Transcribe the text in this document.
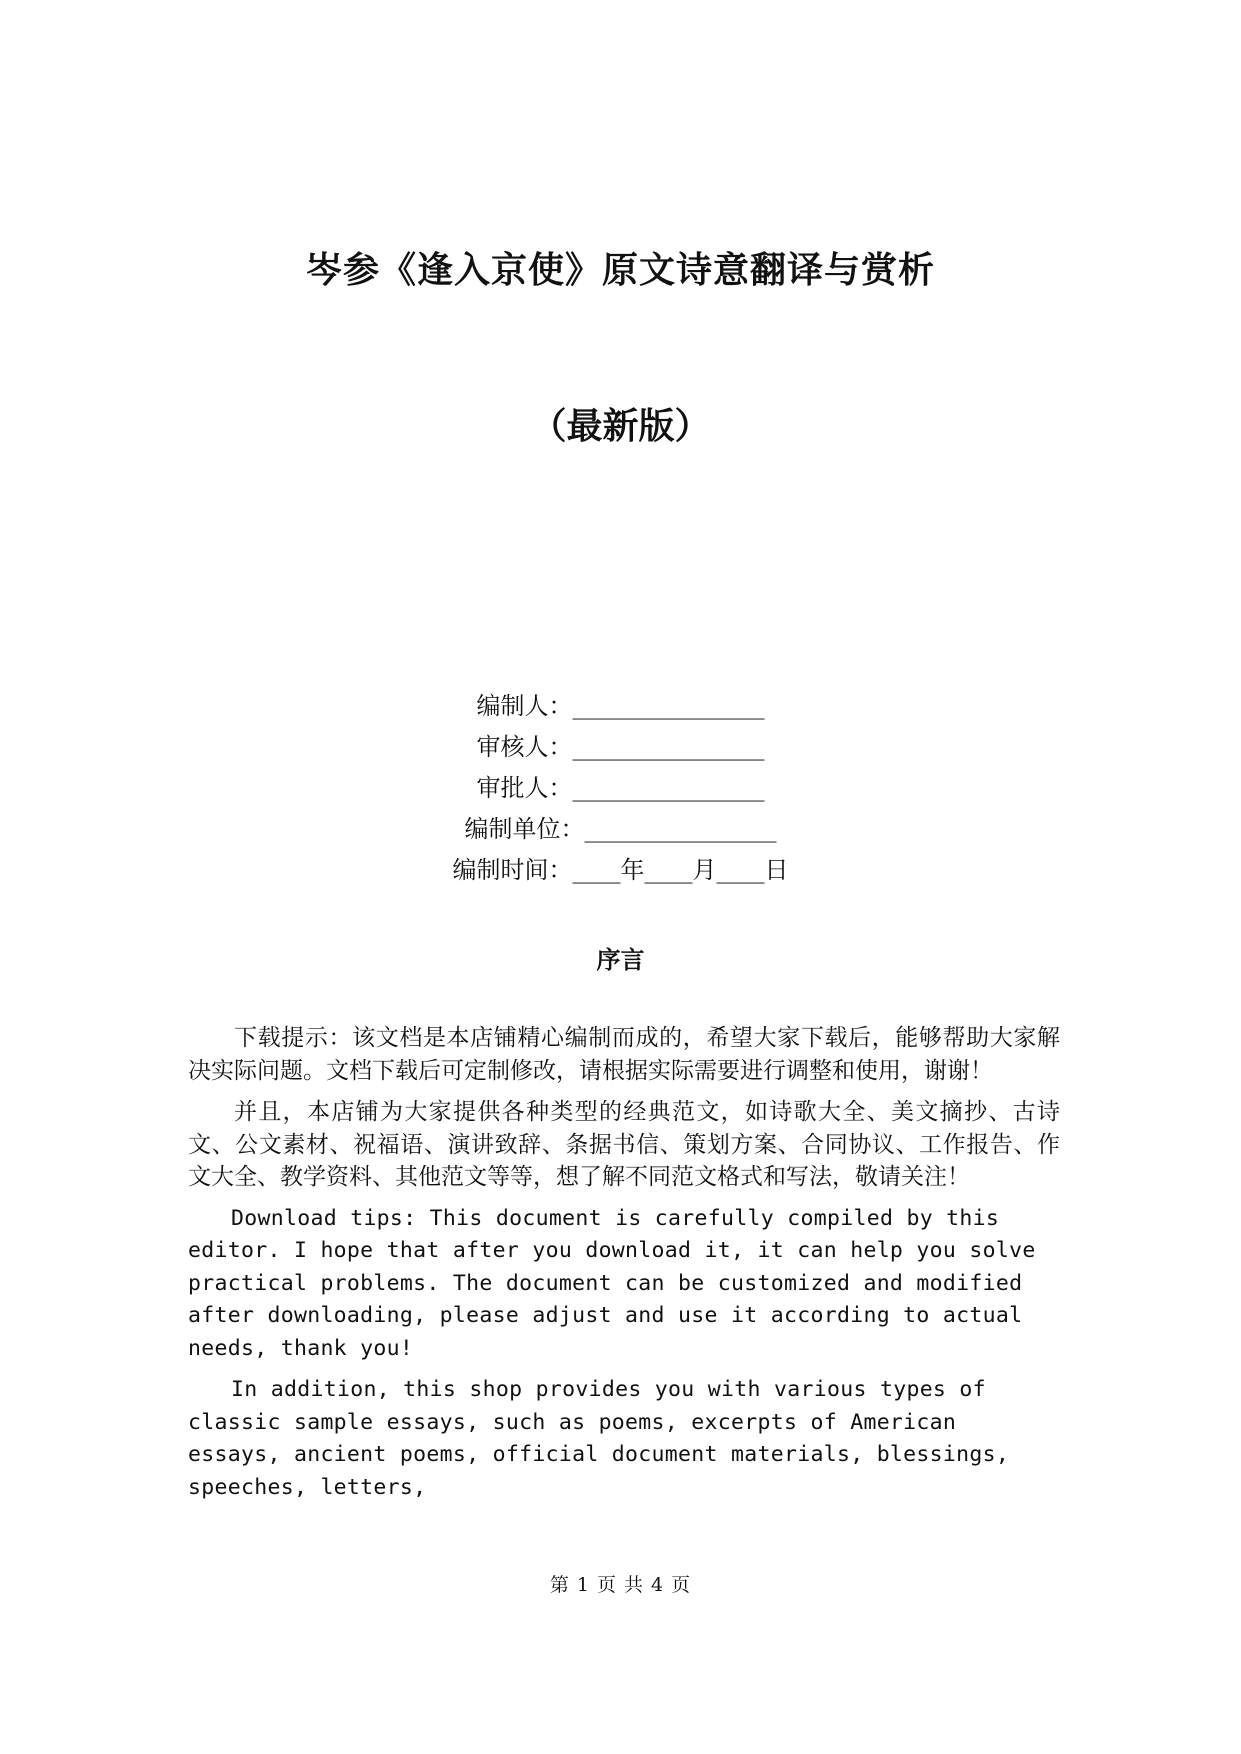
岑参《逢入京使》原文诗意翻译与赏析
（最新版）
编制人：________________
审核人：________________
审批人：________________
编制单位：________________
编制时间：____年____月____日
序言

下载提示：该文档是本店铺精心编制而成的，希望大家下载后，能够帮助大家解决实际问题。文档下载后可定制修改，请根据实际需要进行调整和使用，谢谢！

并且，本店铺为大家提供各种类型的经典范文，如诗歌大全、美文摘抄、古诗文、公文素材、祝福语、演讲致辞、条据书信、策划方案、合同协议、工作报告、作文大全、教学资料、其他范文等等，想了解不同范文格式和写法，敬请关注！

Download tips: This document is carefully compiled by this editor. I hope that after you download it, it can help you solve practical problems. The document can be customized and modified after downloading, please adjust and use it according to actual needs, thank you!

In addition, this shop provides you with various types of classic sample essays, such as poems, excerpts of American essays, ancient poems, official document materials, blessings, speeches, letters,

第 1 页 共 4 页
